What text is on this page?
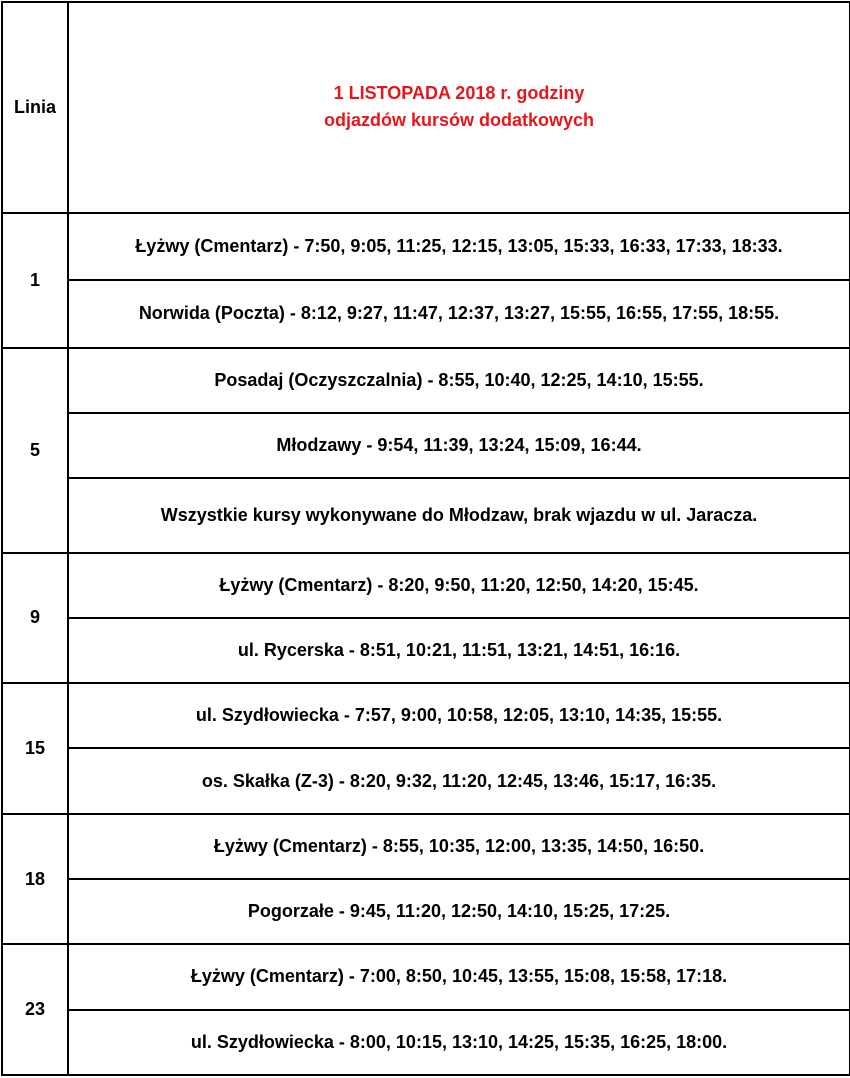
Linia	1 LISTOPADA 2018 r. godziny
odjazdów kursów dodatkowych

1	Łyżwy (Cmentarz) - 7:50, 9:05, 11:25, 12:15, 13:05, 15:33, 16:33, 17:33, 18:33.
	Norwida (Poczta) - 8:12, 9:27, 11:47, 12:37, 13:27, 15:55, 16:55, 17:55, 18:55.
5	Posadaj (Oczyszczalnia) - 8:55, 10:40, 12:25, 14:10, 15:55.
	Młodzawy - 9:54, 11:39, 13:24, 15:09, 16:44.
	Wszystkie kursy wykonywane do Młodzaw, brak wjazdu w ul. Jaracza.
9	Łyżwy (Cmentarz) - 8:20, 9:50, 11:20, 12:50, 14:20, 15:45.
	ul. Rycerska - 8:51, 10:21, 11:51, 13:21, 14:51, 16:16.
15	ul. Szydłowiecka - 7:57, 9:00, 10:58, 12:05, 13:10, 14:35, 15:55.
	os. Skałka (Z-3) - 8:20, 9:32, 11:20, 12:45, 13:46, 15:17, 16:35.
18	Łyżwy (Cmentarz) - 8:55, 10:35, 12:00, 13:35, 14:50, 16:50.
	Pogorzałe - 9:45, 11:20, 12:50, 14:10, 15:25, 17:25.
23	Łyżwy (Cmentarz) - 7:00, 8:50, 10:45, 13:55, 15:08, 15:58, 17:18.
	ul. Szydłowiecka - 8:00, 10:15, 13:10, 14:25, 15:35, 16:25, 18:00.
